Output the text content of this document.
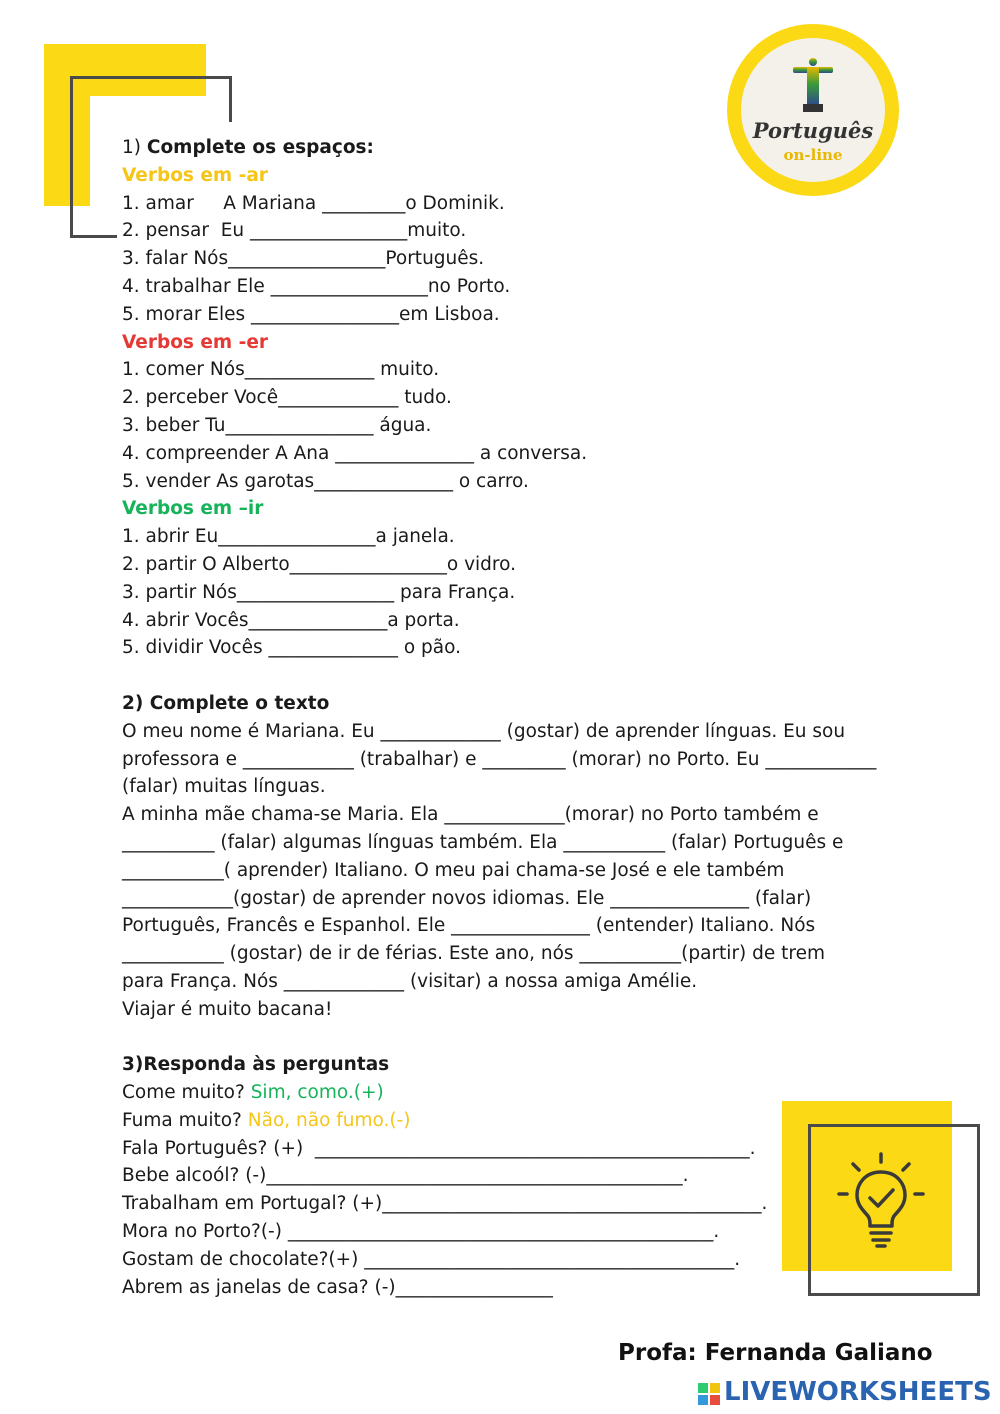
Português
on-line
1) Complete os espaços:
Verbos em -ar
1. amar     A Mariana _________o Dominik.
2. pensar  Eu _________________muito.
3. falar Nós_________________Português.
4. trabalhar Ele _________________no Porto.
5. morar Eles ________________em Lisboa.
Verbos em -er
1. comer Nós______________ muito.
2. perceber Você_____________ tudo.
3. beber Tu________________ água.
4. compreender A Ana _______________ a conversa.
5. vender As garotas_______________ o carro.
Verbos em –ir
1. abrir Eu_________________a janela.
2. partir O Alberto_________________o vidro.
3. partir Nós_________________ para França.
4. abrir Vocês_______________a porta.
5. dividir Vocês ______________ o pão.
2) Complete o texto
O meu nome é Mariana. Eu _____________ (gostar) de aprender línguas. Eu sou
professora e ____________ (trabalhar) e _________ (morar) no Porto. Eu ____________
(falar) muitas línguas.
A minha mãe chama-se Maria. Ela _____________(morar) no Porto também e
__________ (falar) algumas línguas também. Ela ___________ (falar) Português e
___________( aprender) Italiano. O meu pai chama-se José e ele também
____________(gostar) de aprender novos idiomas. Ele _______________ (falar)
Português, Francês e Espanhol. Ele _______________ (entender) Italiano. Nós
___________ (gostar) de ir de férias. Este ano, nós ___________(partir) de trem
para França. Nós _____________ (visitar) a nossa amiga Amélie.
Viajar é muito bacana!
3)Responda às perguntas
Come muito? Sim, como.(+)
Fuma muito? Não, não fumo.(-)
Fala Português? (+)  _______________________________________________.
Bebe alcoól? (-)_____________________________________________.
Trabalham em Portugal? (+)_________________________________________.
Mora no Porto?(-) ______________________________________________.
Gostam de chocolate?(+) ________________________________________.
Abrem as janelas de casa? (-)_________________
Profa: Fernanda Galiano
LIVEWORKSHEETS
